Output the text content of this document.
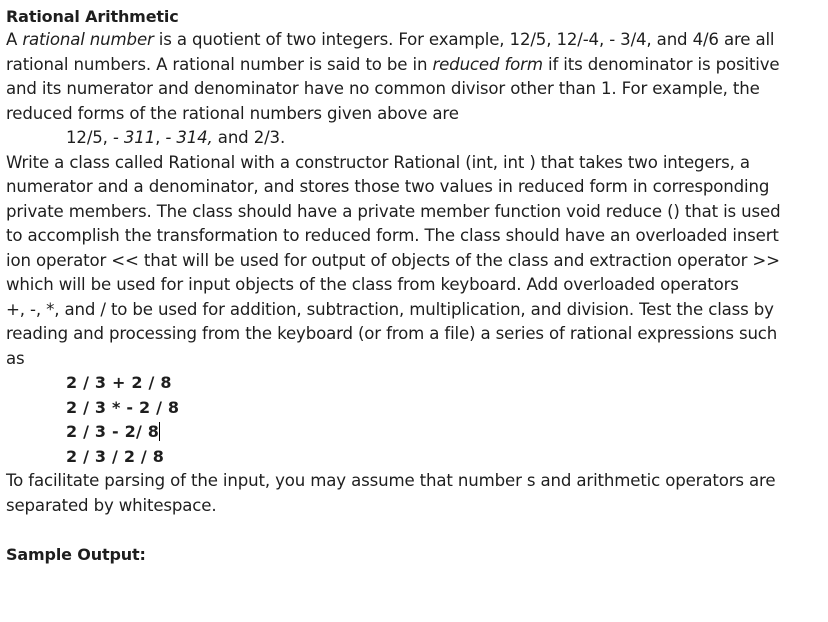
Rational Arithmetic
A rational number is a quotient of two integers. For example, 12/5, 12/-4, - 3/4, and 4/6 are all
rational numbers. A rational number is said to be in reduced form if its denominator is positive
and its numerator and denominator have no common divisor other than 1. For example, the
reduced forms of the rational numbers given above are
12/5, - 311, - 314, and 2/3.
Write a class called Rational with a constructor Rational (int, int ) that takes two integers, a
numerator and a denominator, and stores those two values in reduced form in corresponding
private members. The class should have a private member function void reduce () that is used
to accomplish the transformation to reduced form. The class should have an overloaded insert
ion operator << that will be used for output of objects of the class and extraction operator >>
which will be used for input objects of the class from keyboard. Add overloaded operators
+, -, *, and / to be used for addition, subtraction, multiplication, and division. Test the class by
reading and processing from the keyboard (or from a file) a series of rational expressions such
as
2 / 3 + 2 / 8
2 / 3 * - 2 / 8
2 / 3 - 2/ 8
2 / 3 / 2 / 8
To facilitate parsing of the input, you may assume that number s and arithmetic operators are
separated by whitespace.
Sample Output:
